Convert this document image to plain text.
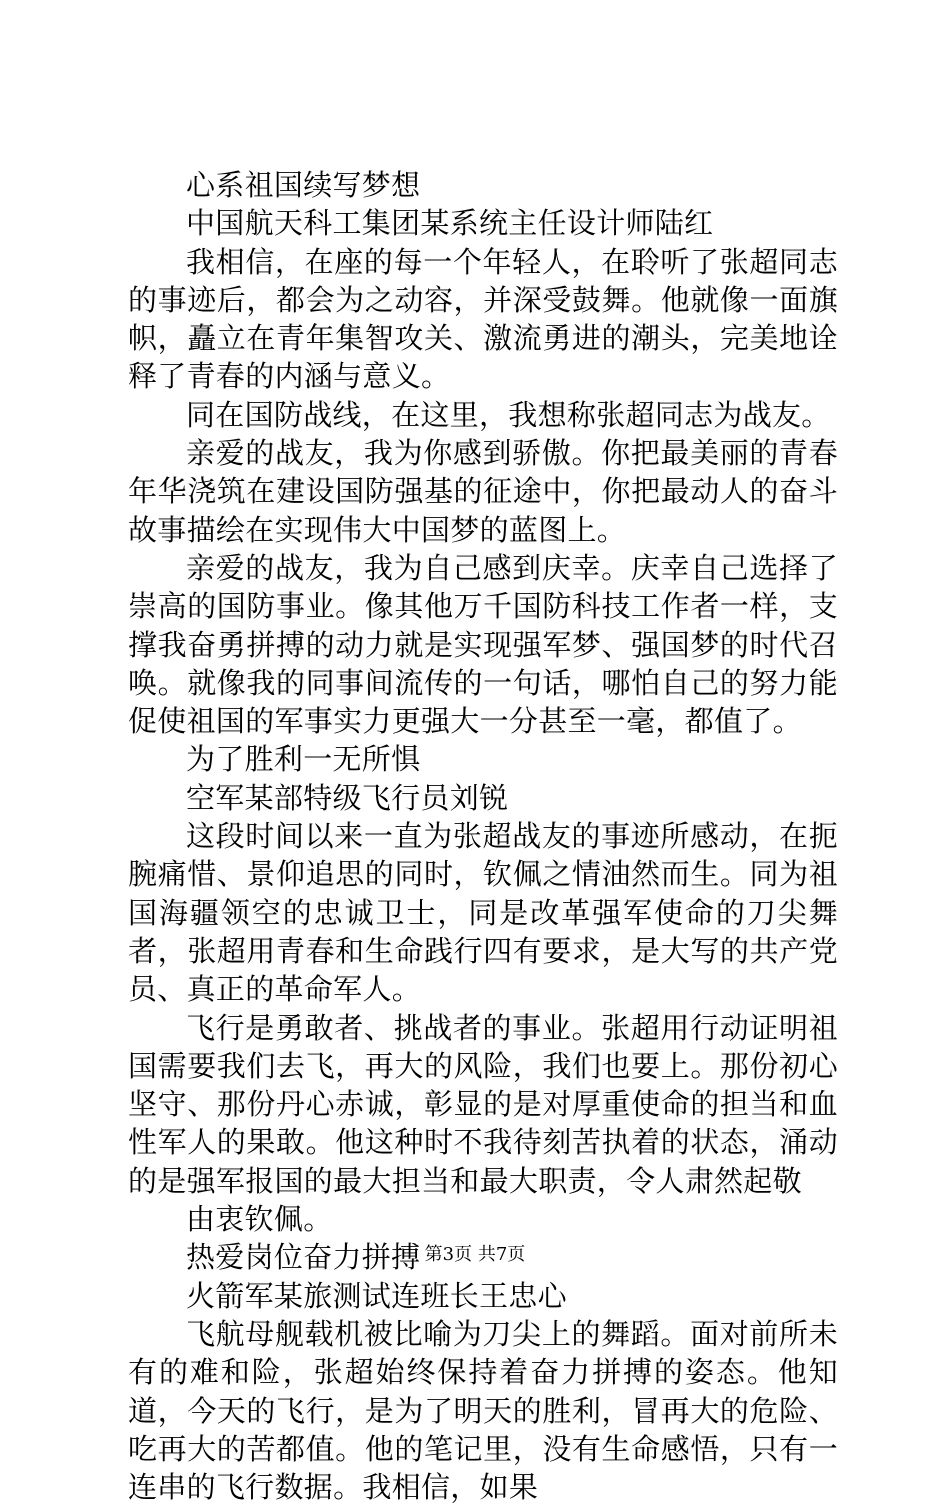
心系祖国续写梦想

中国航天科工集团某系统主任设计师陆红

我相信，在座的每一个年轻人，在聆听了张超同志的事迹后，都会为之动容，并深受鼓舞。他就像一面旗帜，矗立在青年集智攻关、激流勇进的潮头，完美地诠释了青春的内涵与意义。

同在国防战线，在这里，我想称张超同志为战友。

亲爱的战友，我为你感到骄傲。你把最美丽的青春年华浇筑在建设国防强基的征途中，你把最动人的奋斗故事描绘在实现伟大中国梦的蓝图上。

亲爱的战友，我为自己感到庆幸。庆幸自己选择了崇高的国防事业。像其他万千国防科技工作者一样，支撑我奋勇拼搏的动力就是实现强军梦、强国梦的时代召唤。就像我的同事间流传的一句话，哪怕自己的努力能促使祖国的军事实力更强大一分甚至一毫，都值了。

为了胜利一无所惧

空军某部特级飞行员刘锐

这段时间以来一直为张超战友的事迹所感动，在扼腕痛惜、景仰追思的同时，钦佩之情油然而生。同为祖国海疆领空的忠诚卫士，同是改革强军使命的刀尖舞者，张超用青春和生命践行四有要求，是大写的共产党员、真正的革命军人。

飞行是勇敢者、挑战者的事业。张超用行动证明祖国需要我们去飞，再大的风险，我们也要上。那份初心坚守、那份丹心赤诚，彰显的是对厚重使命的担当和血性军人的果敢。他这种时不我待刻苦执着的状态，涌动的是强军报国的最大担当和最大职责，令人肃然起敬

由衷钦佩。

热爱岗位奋力拼搏

火箭军某旅测试连班长王忠心

飞航母舰载机被比喻为刀尖上的舞蹈。面对前所未有的难和险，张超始终保持着奋力拼搏的姿态。他知道，今天的飞行，是为了明天的胜利，冒再大的危险、吃再大的苦都值。他的笔记里，没有生命感悟，只有一连串的飞行数据。我相信，如果

第3页 共7页
